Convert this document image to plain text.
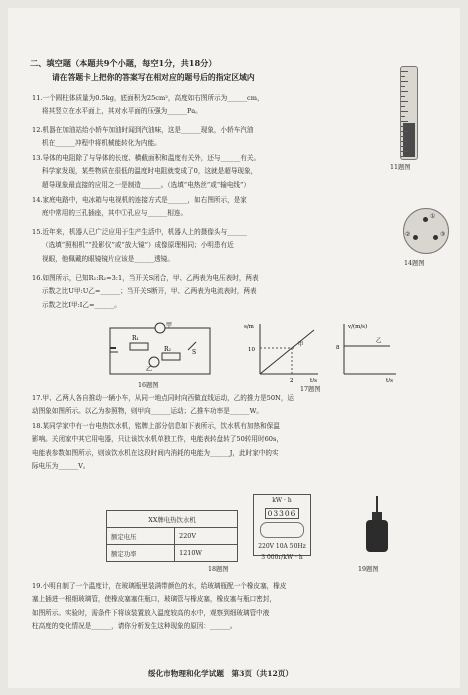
二、填空题（本题共9个小题，每空1分，共18分）
请在答题卡上把你的答案写在相对应的题号后的指定区域内
11.一个圆柱体质量为0.5kg，底面积为25cm²，高度如右图所示为______cm，
将其竖立在水平面上，其对水平面的压强为______Pa。
12.机器在加油站给小轿车加油时闻到汽油味，这是______现象，小轿车汽油
机在______冲程中将机械能转化为内能。
13.导体的电阻除了与导体的长度、横截面积和温度有关外，还与______有关。
科学家发现，某些物质在很低的温度时电阻就变成了0，这就是超导现象，
超导现象最直接的应用之一是制造______。（选填“电热丝”或“输电线”）
14.家庭电路中，电冰箱与电视机的连接方式是______，如右图所示，是家
庭中常用的三孔插座，其中①孔应与______相连。
15.近年来，机器人已广泛应用于生产生活中，机器人上的摄像头与______
（选填“照相机”“投影仪”或“放大镜”）成像原理相同；小明患有近
视眼，他佩戴的眼镜镜片应该是______透镜。
16.如图所示，已知R₁:R₂=3:1，当开关S闭合，甲、乙两表为电压表时，两表
示数之比U甲:U乙=______；当开关S断开，甲、乙两表为电流表时，两表
示数之比I甲:I乙=______。
17.甲、乙两人各自推动一辆小车，从同一地点同时向西做直线运动，乙的推力是50N，运
动图象如图所示。以乙为参照物，则甲向______运动；乙推车功率是______W。
18.某同学家中有一台电热饮水机，铭牌上部分信息如下表所示，饮水机有加热和保温
影响。关闭家中其它用电器，只让该饮水机单独工作，电能表转盘转了50转用时60s，
电能表参数如图所示，则该饮水机在这段时间内消耗的电能为______J，此时家中的实
际电压为______V。
19.小明自制了一个温度计，在玻璃瓶里装满带颜色的水，给玻璃瓶配一个橡皮塞，橡皮
塞上插进一根细玻璃管，使橡皮塞塞住瓶口，玻璃管与橡皮塞，橡皮塞与瓶口密封，
如图所示。实验时，需条件下将该装置放入温度较高的水中，观察到细玻璃管中液
柱高度的变化情况是______，请你分析发生这种现象的原因：______。
11题图
①
②	③
14题图
R₁
R₂	S
甲
乙
16题图
s/m
t/s
10
2
甲
v/(m/s)
t/s
8
乙
17题图
XX牌电热饮水机	
额定电压	220V
额定功率	1210W
kW · h
03306
220V 10A 50Hz
3 000r/kW · h
18题图	19题图
绥化市物理和化学试题　第3页（共12页）
